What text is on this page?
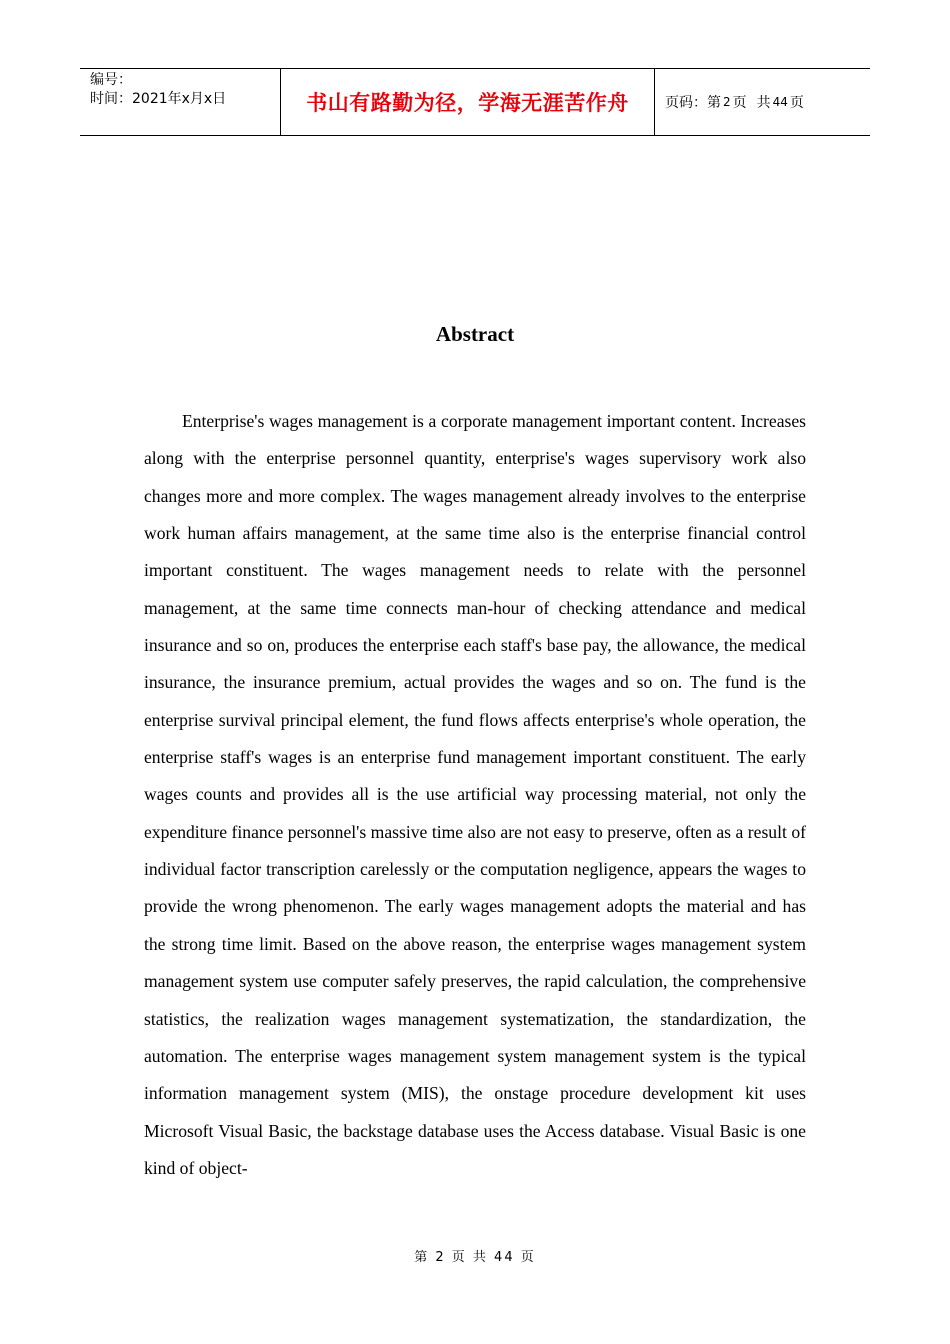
编号：
时间：2021年x月x日	书山有路勤为径，学海无涯苦作舟	页码：第 2 页 共 44 页
Abstract

Enterprise's wages management is a corporate management important content. Increases along with the enterprise personnel quantity, enterprise's wages supervisory work also changes more and more complex. The wages management already involves to the enterprise work human affairs management, at the same time also is the enterprise financial control important constituent. The wages management needs to relate with the personnel management, at the same time connects man-hour of checking attendance and medical insurance and so on, produces the enterprise each staff's base pay, the allowance, the medical insurance, the insurance premium, actual provides the wages and so on. The fund is the enterprise survival principal element, the fund flows affects enterprise's whole operation, the enterprise staff's wages is an enterprise fund management important constituent. The early wages counts and provides all is the use artificial way processing material, not only the expenditure finance personnel's massive time also are not easy to preserve, often as a result of individual factor transcription carelessly or the computation negligence, appears the wages to provide the wrong phenomenon. The early wages management adopts the material and has the strong time limit. Based on the above reason, the enterprise wages management system management system use computer safely preserves, the rapid calculation, the comprehensive statistics, the realization wages management systematization, the standardization, the automation. The enterprise wages management system management system is the typical information management system (MIS), the onstage procedure development kit uses Microsoft Visual Basic, the backstage database uses the Access database. Visual Basic is one kind of object-

第 2 页 共 44 页
